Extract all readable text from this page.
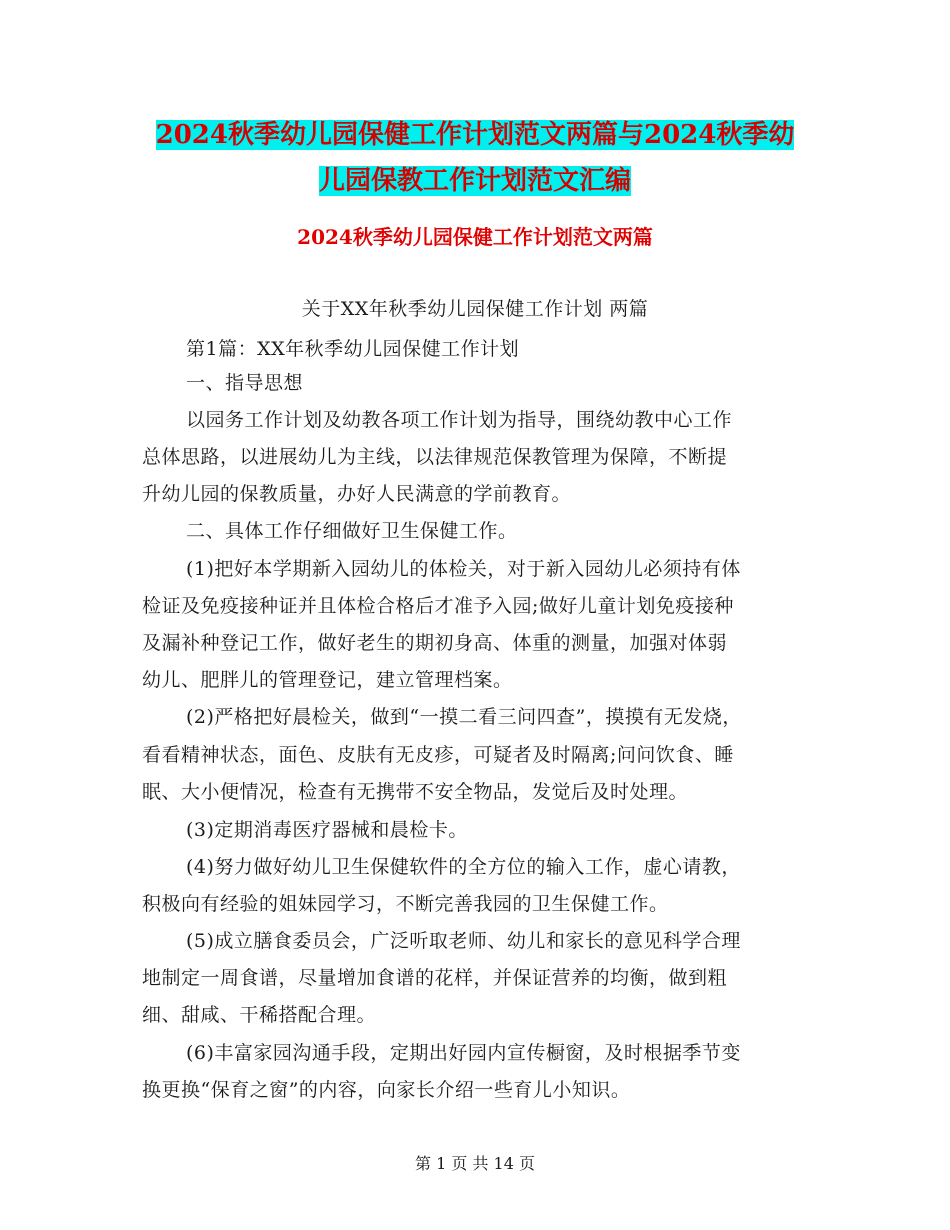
2024秋季幼儿园保健工作计划范文两篇与2024秋季幼
儿园保教工作计划范文汇编
2024秋季幼儿园保健工作计划范文两篇
关于XX年秋季幼儿园保健工作计划 两篇
第1篇：XX年秋季幼儿园保健工作计划
一、指导思想
以园务工作计划及幼教各项工作计划为指导，围绕幼教中心工作
总体思路，以进展幼儿为主线，以法律规范保教管理为保障，不断提
升幼儿园的保教质量，办好人民满意的学前教育。
二、具体工作仔细做好卫生保健工作。
(1)把好本学期新入园幼儿的体检关，对于新入园幼儿必须持有体
检证及免疫接种证并且体检合格后才准予入园;做好儿童计划免疫接种
及漏补种登记工作，做好老生的期初身高、体重的测量，加强对体弱
幼儿、肥胖儿的管理登记，建立管理档案。
(2)严格把好晨检关，做到“一摸二看三问四查”，摸摸有无发烧，
看看精神状态，面色、皮肤有无皮疹，可疑者及时隔离;问问饮食、睡
眠、大小便情况，检查有无携带不安全物品，发觉后及时处理。
(3)定期消毒医疗器械和晨检卡。
(4)努力做好幼儿卫生保健软件的全方位的输入工作，虚心请教，
积极向有经验的姐妹园学习，不断完善我园的卫生保健工作。
(5)成立膳食委员会，广泛听取老师、幼儿和家长的意见科学合理
地制定一周食谱，尽量增加食谱的花样，并保证营养的均衡，做到粗
细、甜咸、干稀搭配合理。
(6)丰富家园沟通手段，定期出好园内宣传橱窗，及时根据季节变
换更换“保育之窗”的内容，向家长介绍一些育儿小知识。
第 1 页 共 14 页
